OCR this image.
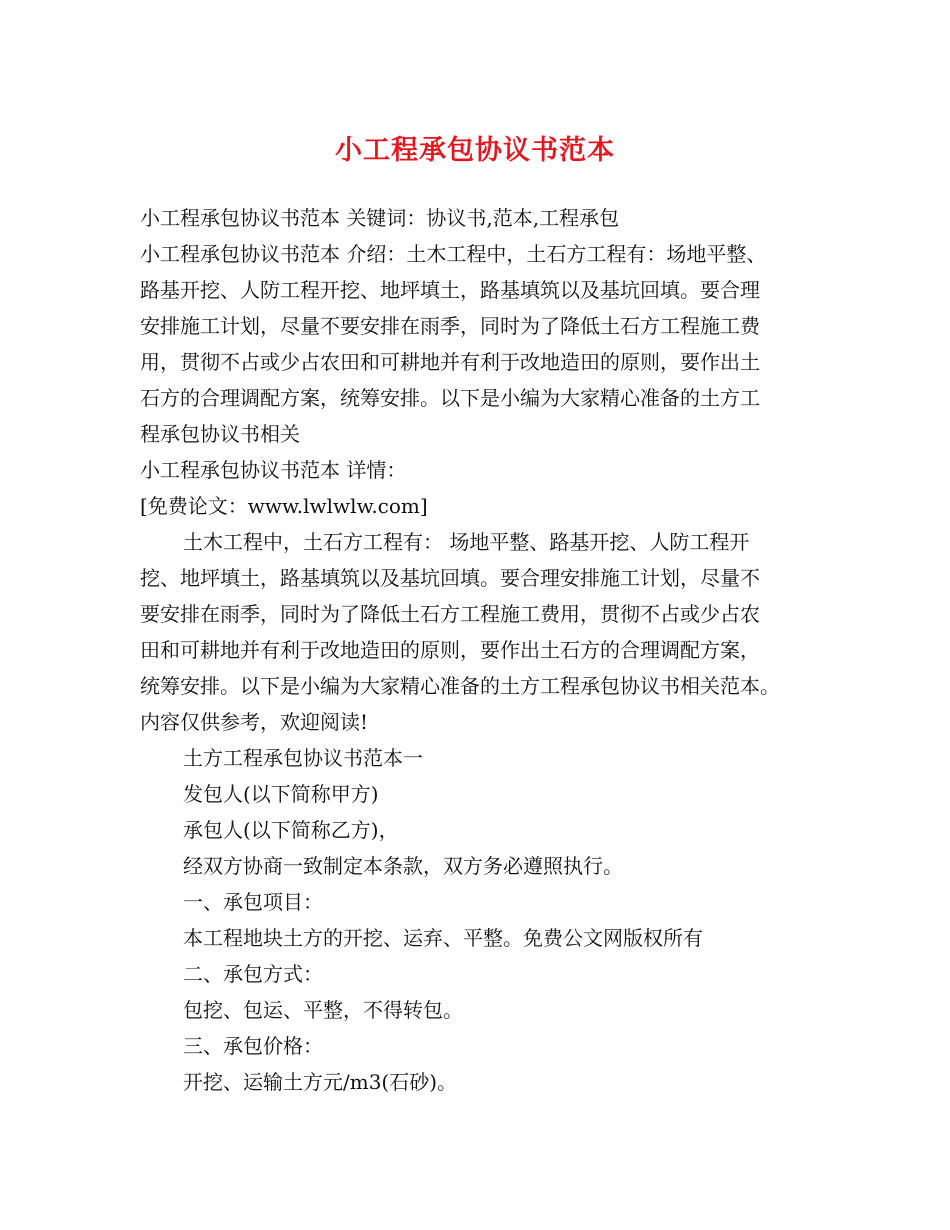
小工程承包协议书范本
小工程承包协议书范本 关键词：协议书,范本,工程承包
小工程承包协议书范本 介绍：土木工程中，土石方工程有：场地平整、
路基开挖、人防工程开挖、地坪填土，路基填筑以及基坑回填。要合理
安排施工计划，尽量不要安排在雨季，同时为了降低土石方工程施工费
用，贯彻不占或少占农田和可耕地并有利于改地造田的原则，要作出土
石方的合理调配方案，统筹安排。以下是小编为大家精心准备的土方工
程承包协议书相关
小工程承包协议书范本 详情：
[免费论文：www.lwlwlw.com]
土木工程中，土石方工程有： 场地平整、路基开挖、人防工程开
挖、地坪填土，路基填筑以及基坑回填。要合理安排施工计划，尽量不
要安排在雨季，同时为了降低土石方工程施工费用，贯彻不占或少占农
田和可耕地并有利于改地造田的原则，要作出土石方的合理调配方案，
统筹安排。以下是小编为大家精心准备的土方工程承包协议书相关范本。
内容仅供参考，欢迎阅读!
土方工程承包协议书范本一
发包人(以下简称甲方)
承包人(以下简称乙方)，
经双方协商一致制定本条款，双方务必遵照执行。
一、承包项目：
本工程地块土方的开挖、运弃、平整。免费公文网版权所有
二、承包方式：
包挖、包运、平整，不得转包。
三、承包价格：
开挖、运输土方元/m3(石砂)。
